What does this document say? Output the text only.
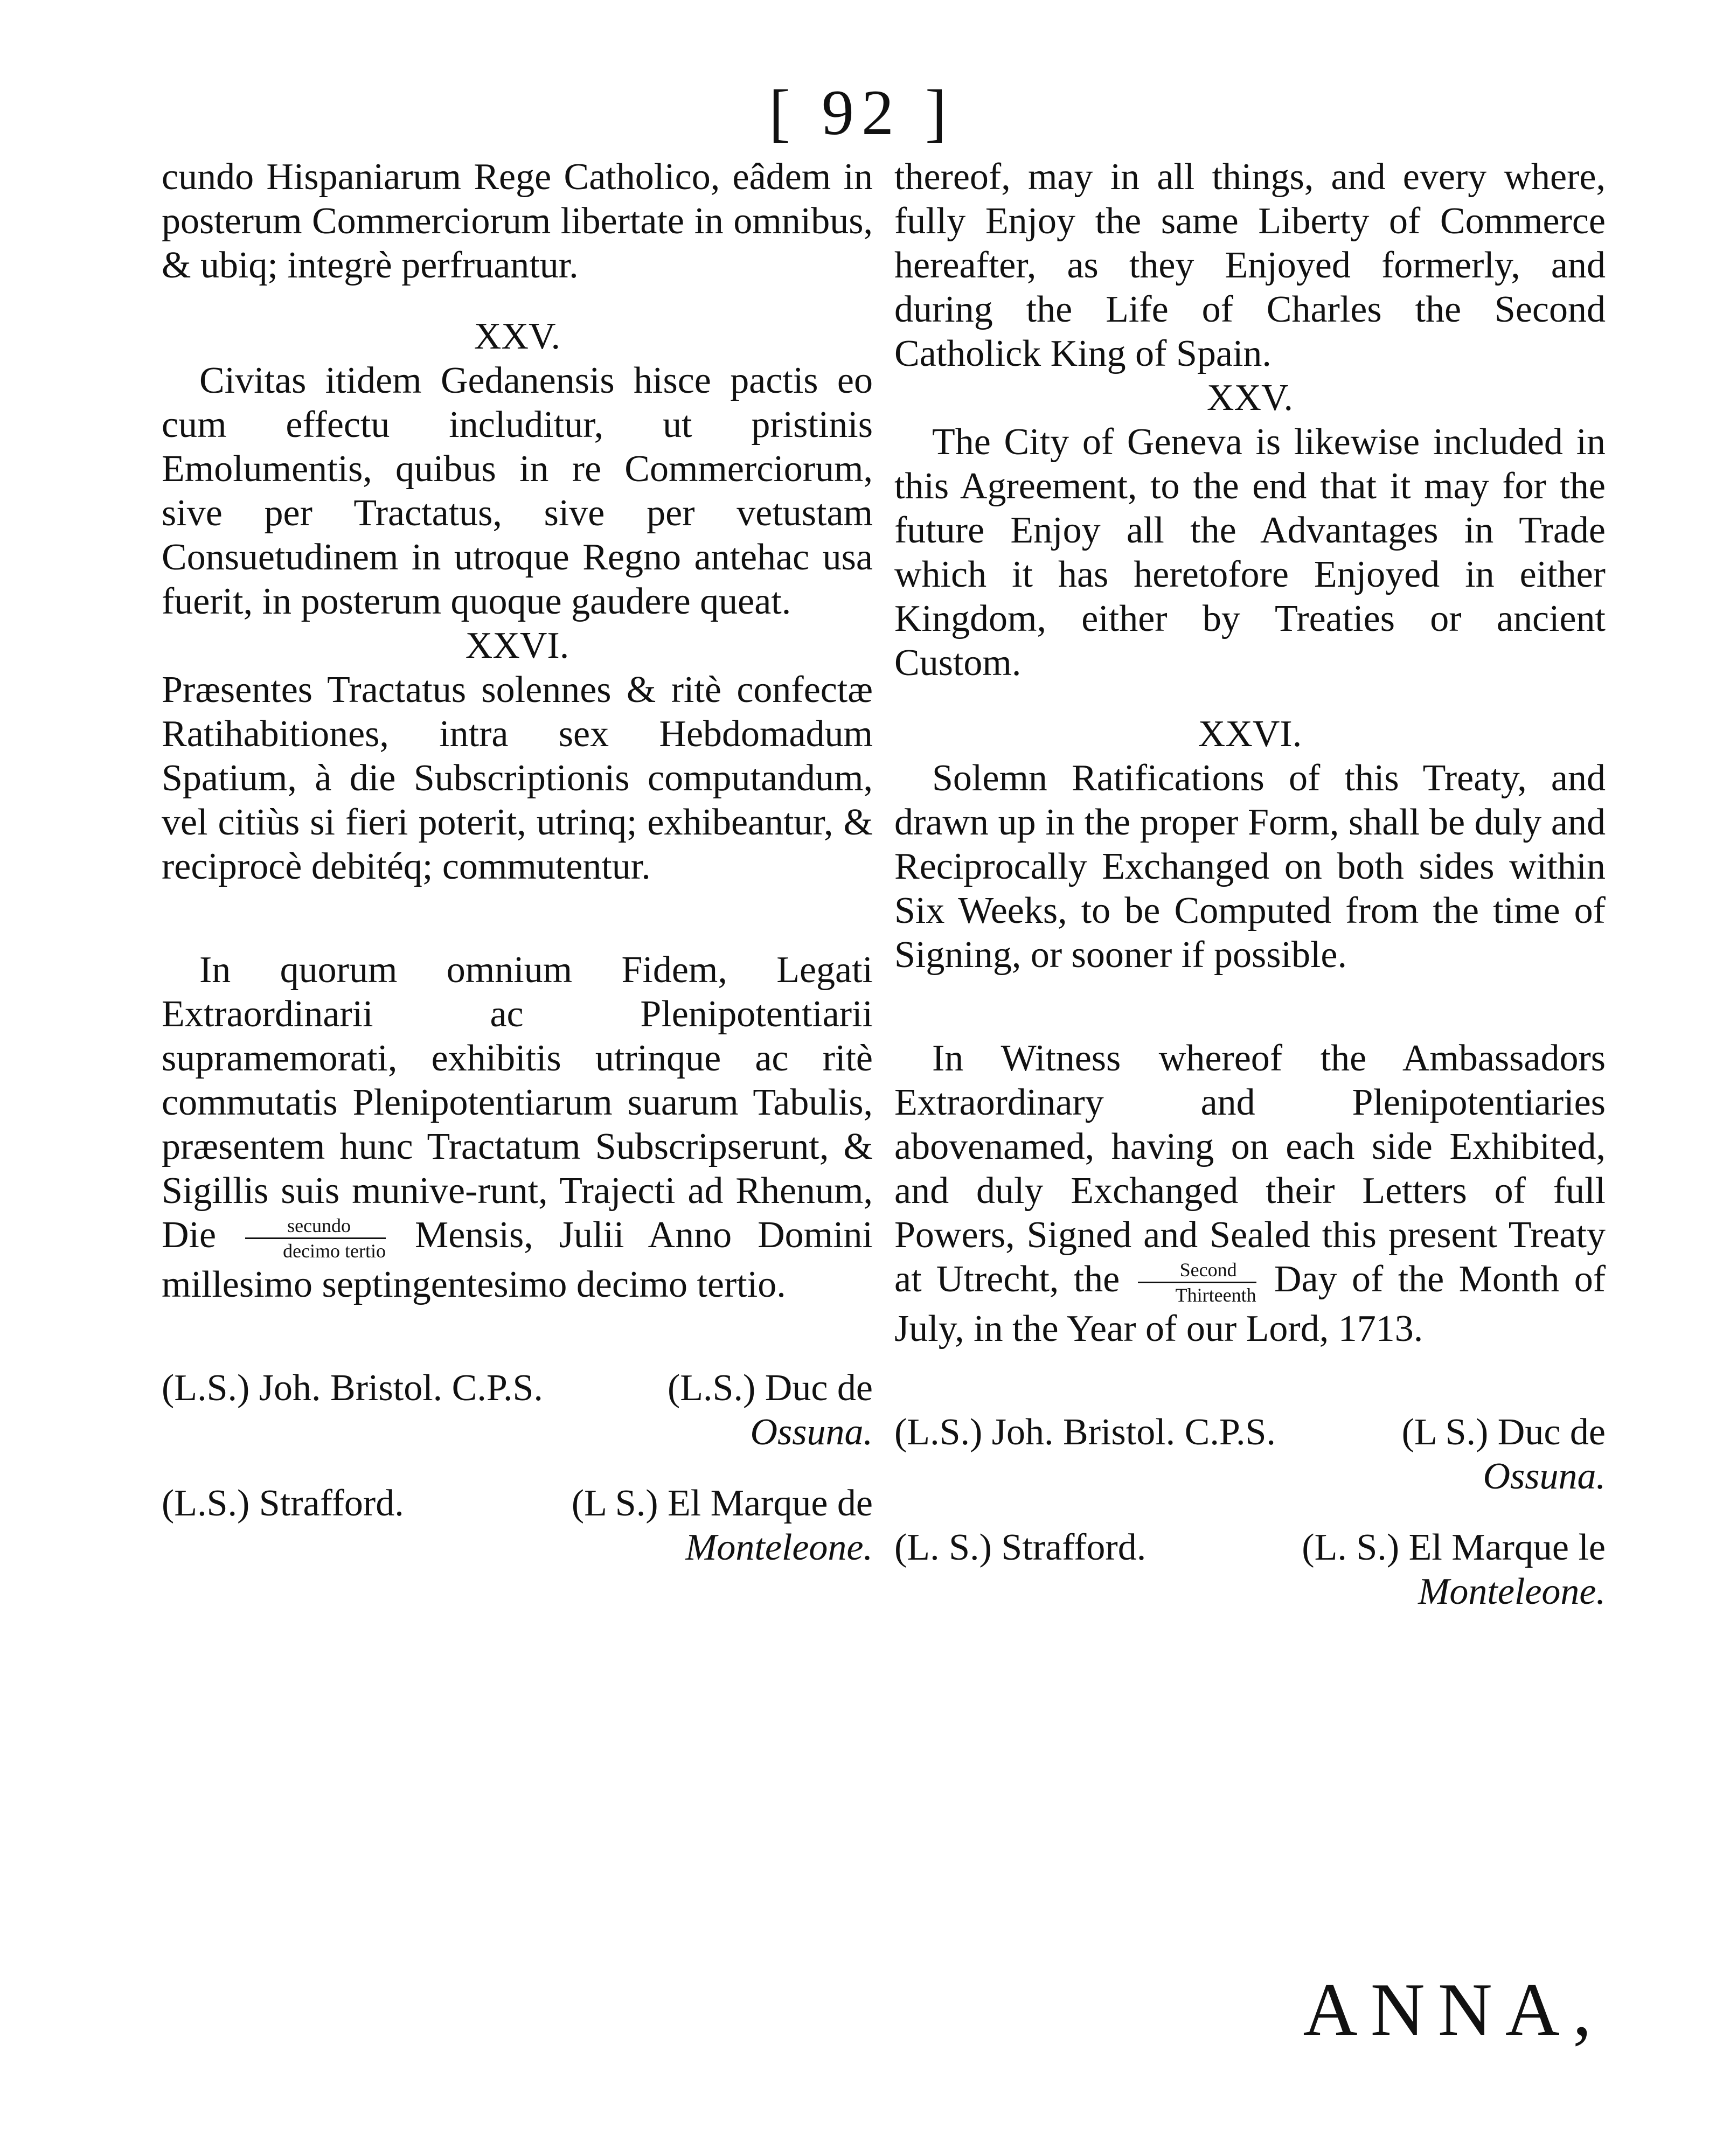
[ 92 ]

cundo Hispaniarum Rege Catholico, eâdem in posterum Commerciorum libertate in omnibus, & ubiq; integrè perfruantur.

XXV.

Civitas itidem Gedanensis hisce pactis eo cum effectu includitur, ut pristinis Emolumentis, quibus in re Commerciorum, sive per Tractatus, sive per vetustam Consuetudinem in utroque Regno antehac usa fuerit, in posterum quoque gaudere queat.

XXVI.

Præsentes Tractatus solennes & ritè confectæ Ratihabitiones, intra sex Hebdomadum Spatium, à die Subscriptionis computandum, vel citiùs si fieri poterit, utrinq; exhibeantur, & reciprocè debitéq; commutentur.

In quorum omnium Fidem, Legati Extraordinarii ac Plenipotentiarii supramemorati, exhibitis utrinque ac ritè commutatis Plenipotentiarum suarum Tabulis, præsentem hunc Tractatum Subscripserunt, & Sigillis suis munive-runt, Trajecti ad Rhenum, Die $\frac{\text{secundo}}{\text{decimo tertio}}$ Mensis, Julii Anno Domini millesimo septingentesimo decimo tertio.

(L.S.) Joh. Bristol. C.P.S.	(L.S.) Duc de

Ossuna.

(L.S.) Strafford.	(L S.) El Marque de

Monteleone.

thereof, may in all things, and every where, fully Enjoy the same Liberty of Commerce hereafter, as they Enjoyed formerly, and during the Life of Charles the Second Catholick King of Spain.

XXV.

The City of Geneva is likewise included in this Agreement, to the end that it may for the future Enjoy all the Advantages in Trade which it has heretofore Enjoyed in either Kingdom, either by Treaties or ancient Custom.

XXVI.

Solemn Ratifications of this Treaty, and drawn up in the proper Form, shall be duly and Reciprocally Exchanged on both sides within Six Weeks, to be Computed from the time of Signing, or sooner if possible.

In Witness whereof the Ambassadors Extraordinary and Plenipotentiaries abovenamed, having on each side Exhibited, and duly Exchanged their Letters of full Powers, Signed and Sealed this present Treaty at Utrecht, the $\frac{\text{Second}}{\text{Thirteenth}}$ Day of the Month of July, in the Year of our Lord, 1713.

(L.S.) Joh. Bristol. C.P.S.	(L S.) Duc de

Ossuna.

(L. S.) Strafford.	(L. S.) El Marque le

Monteleone.

ANNA,
